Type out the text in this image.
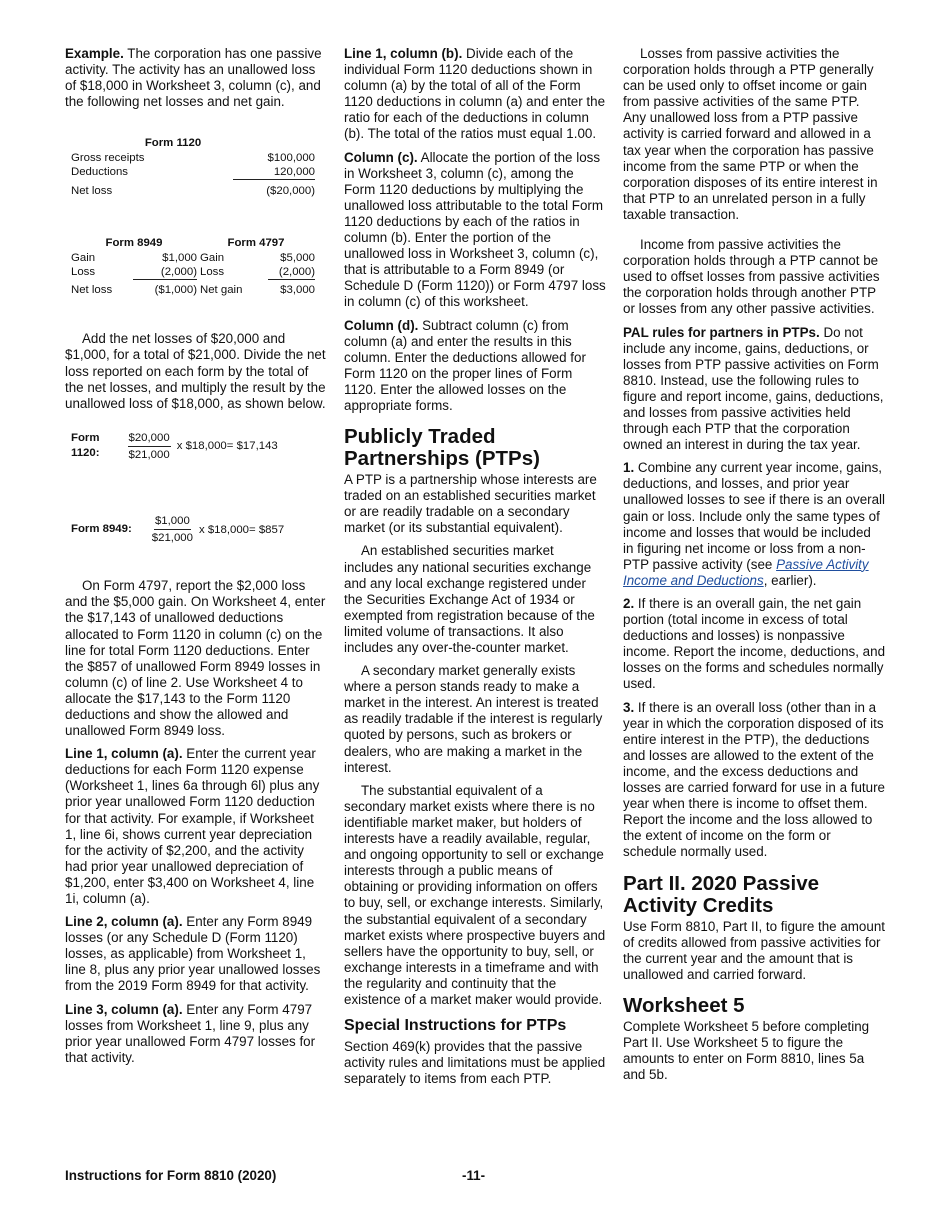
Example. The corporation has one passive activity. The activity has an unallowed loss of $18,000 in Worksheet 3, column (c), and the following net losses and net gain.

Form 1120
Gross receipts	$100,000
Deductions	120,000
Net loss	($20,000)
Form 8949	Form 4797
Gain	$1,000 Gain	$5,000
Loss	(2,000) Loss	(2,000)
Net loss	($1,000) Net gain	$3,000

Add the net losses of $20,000 and $1,000, for a total of $21,000. Divide the net loss reported on each form by the total of the net losses, and multiply the result by the unallowed loss of $18,000, as shown below.

Form
1120: $\frac{\$20,000}{\$21,000}$ x $18,000 = $17,143
Form 8949: $\frac{\$1,000}{\$21,000}$ x $18,000 = $857

On Form 4797, report the $2,000 loss and the $5,000 gain. On Worksheet 4, enter the $17,143 of unallowed deductions allocated to Form 1120 in column (c) on the line for total Form 1120 deductions. Enter the $857 of unallowed Form 8949 losses in column (c) of line 2. Use Worksheet 4 to allocate the $17,143 to the Form 1120 deductions and show the allowed and unallowed Form 8949 loss.

Line 1, column (a). Enter the current year deductions for each Form 1120 expense (Worksheet 1, lines 6a through 6l) plus any prior year unallowed Form 1120 deduction for that activity. For example, if Worksheet 1, line 6i, shows current year depreciation for the activity of $2,200, and the activity had prior year unallowed depreciation of $1,200, enter $3,400 on Worksheet 4, line 1i, column (a).

Line 2, column (a). Enter any Form 8949 losses (or any Schedule D (Form 1120) losses, as applicable) from Worksheet 1, line 8, plus any prior year unallowed losses from the 2019 Form 8949 for that activity.

Line 3, column (a). Enter any Form 4797 losses from Worksheet 1, line 9, plus any prior year unallowed Form 4797 losses for that activity.

Line 1, column (b). Divide each of the individual Form 1120 deductions shown in column (a) by the total of all of the Form 1120 deductions in column (a) and enter the ratio for each of the deductions in column (b). The total of the ratios must equal 1.00.

Column (c). Allocate the portion of the loss in Worksheet 3, column (c), among the Form 1120 deductions by multiplying the unallowed loss attributable to the total Form 1120 deductions by each of the ratios in column (b). Enter the portion of the unallowed loss in Worksheet 3, column (c), that is attributable to a Form 8949 (or Schedule D (Form 1120)) or Form 4797 loss in column (c) of this worksheet.

Column (d). Subtract column (c) from column (a) and enter the results in this column. Enter the deductions allowed for Form 1120 on the proper lines of Form 1120. Enter the allowed losses on the appropriate forms.

Publicly Traded Partnerships (PTPs)

A PTP is a partnership whose interests are traded on an established securities market or are readily tradable on a secondary market (or its substantial equivalent).

An established securities market includes any national securities exchange and any local exchange registered under the Securities Exchange Act of 1934 or exempted from registration because of the limited volume of transactions. It also includes any over-the-counter market.

A secondary market generally exists where a person stands ready to make a market in the interest. An interest is treated as readily tradable if the interest is regularly quoted by persons, such as brokers or dealers, who are making a market in the interest.

The substantial equivalent of a secondary market exists where there is no identifiable market maker, but holders of interests have a readily available, regular, and ongoing opportunity to sell or exchange interests through a public means of obtaining or providing information on offers to buy, sell, or exchange interests. Similarly, the substantial equivalent of a secondary market exists where prospective buyers and sellers have the opportunity to buy, sell, or exchange interests in a timeframe and with the regularity and continuity that the existence of a market maker would provide.

Special Instructions for PTPs

Section 469(k) provides that the passive activity rules and limitations must be applied separately to items from each PTP.

Losses from passive activities the corporation holds through a PTP generally can be used only to offset income or gain from passive activities of the same PTP. Any unallowed loss from a PTP passive activity is carried forward and allowed in a tax year when the corporation has passive income from the same PTP or when the corporation disposes of its entire interest in that PTP to an unrelated person in a fully taxable transaction.

Income from passive activities the corporation holds through a PTP cannot be used to offset losses from passive activities the corporation holds through another PTP or losses from any other passive activities.

PAL rules for partners in PTPs. Do not include any income, gains, deductions, or losses from PTP passive activities on Form 8810. Instead, use the following rules to figure and report income, gains, deductions, and losses from passive activities held through each PTP that the corporation owned an interest in during the tax year.

1. Combine any current year income, gains, deductions, and losses, and prior year unallowed losses to see if there is an overall gain or loss. Include only the same types of income and losses that would be included in figuring net income or loss from a non-PTP passive activity (see Passive Activity Income and Deductions, earlier).

2. If there is an overall gain, the net gain portion (total income in excess of total deductions and losses) is nonpassive income. Report the income, deductions, and losses on the forms and schedules normally used.

3. If there is an overall loss (other than in a year in which the corporation disposed of its entire interest in the PTP), the deductions and losses are allowed to the extent of the income, and the excess deductions and losses are carried forward for use in a future year when there is income to offset them. Report the income and the loss allowed to the extent of income on the form or schedule normally used.

Part II. 2020 Passive Activity Credits

Use Form 8810, Part II, to figure the amount of credits allowed from passive activities for the current year and the amount that is unallowed and carried forward.

Worksheet 5

Complete Worksheet 5 before completing Part II. Use Worksheet 5 to figure the amounts to enter on Form 8810, lines 5a and 5b.

Instructions for Form 8810 (2020)	-11-
